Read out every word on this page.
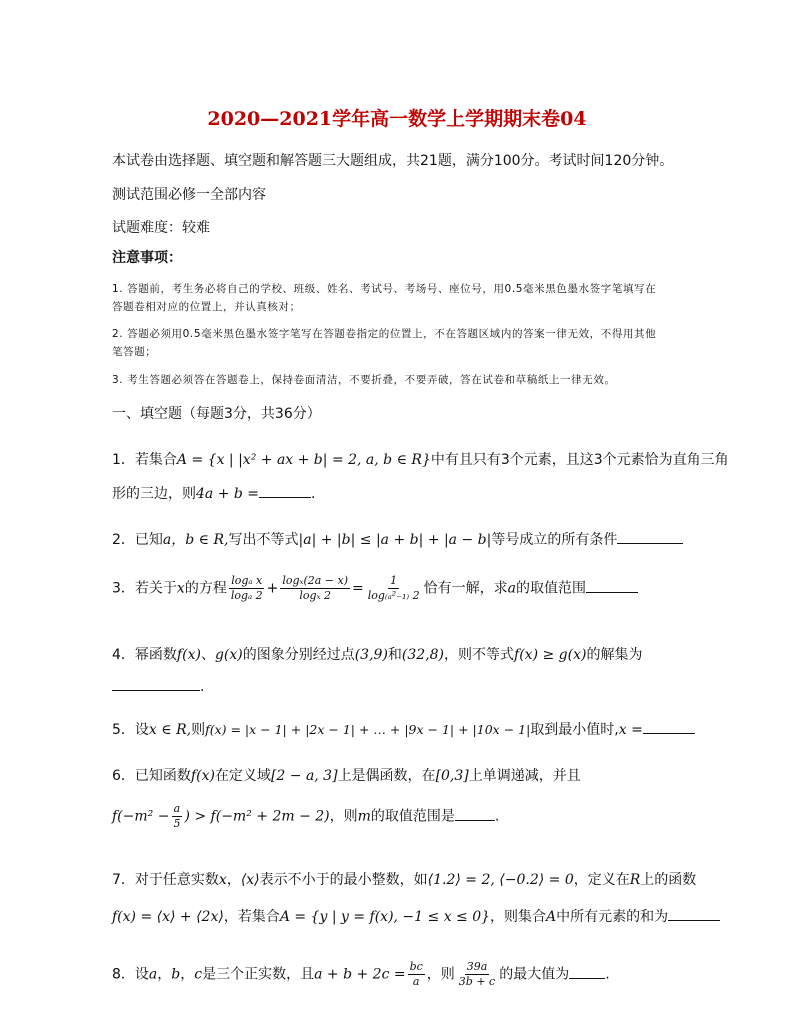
2020—2021学年高一数学上学期期末卷04
本试卷由选择题、填空题和解答题三大题组成，共21题，满分100分。考试时间120分钟。
测试范围必修一全部内容
试题难度：较难
注意事项：
1. 答题前，考生务必将自己的学校、班级、姓名、考试号、考场号、座位号，用0.5毫米黑色墨水签字笔填写在
答题卷相对应的位置上，并认真核对；
2. 答题必须用0.5毫米黑色墨水签字笔写在答题卷指定的位置上，不在答题区域内的答案一律无效，不得用其他
笔答题；
3. 考生答题必须答在答题卷上，保持卷面清洁，不要折叠，不要弄破，答在试卷和草稿纸上一律无效。
一、填空题（每题3分，共36分）
1．若集合A = {x | |x² + ax + b| = 2, a, b ∈ R}中有且只有3个元素，且这3个元素恰为直角三角
形的三边，则4a + b =	.
2．已知a，b ∈ R,写出不等式|a| + |b| ≤ |a + b| + |a − b|等号成立的所有条件
3．若关于x的方程 $\frac{\text{logₐ x}}{\text{logₐ 2}} + \frac{\text{logₓ(2a − x)}}{\text{logₓ 2}} = \frac{1}{\text{log₍ₐ²₋₁₎ 2}}$ 恰有一解，求a的取值范围
4．幂函数f(x)、g(x)的图象分别经过点(3,9)和(32,8)，则不等式f(x) ≥ g(x)的解集为
.
5．设x ∈ R,则f(x) = |x − 1| + |2x − 1| + … + |9x − 1| + |10x − 1|取到最小值时,x =
6．已知函数f(x)在定义域[2 − a, 3]上是偶函数，在[0,3]上单调递减，并且
$f(-m^2 - \frac{a}{5}$ ) > f(−m² + 2m − 2)，则m的取值范围是	.
7．对于任意实数x，⟨x⟩表示不小于的最小整数，如⟨1.2⟩ = 2, ⟨−0.2⟩ = 0，定义在R上的函数
f(x) = ⟨x⟩ + ⟨2x⟩，若集合A = {y | y = f(x), −1 ≤ x ≤ 0}，则集合A中所有元素的和为
8．设a，b，c是三个正实数，且$a + b + 2c = \frac{bc}{a}$ ，则 $\frac{39a}{3b + c}$ 的最大值为	.
